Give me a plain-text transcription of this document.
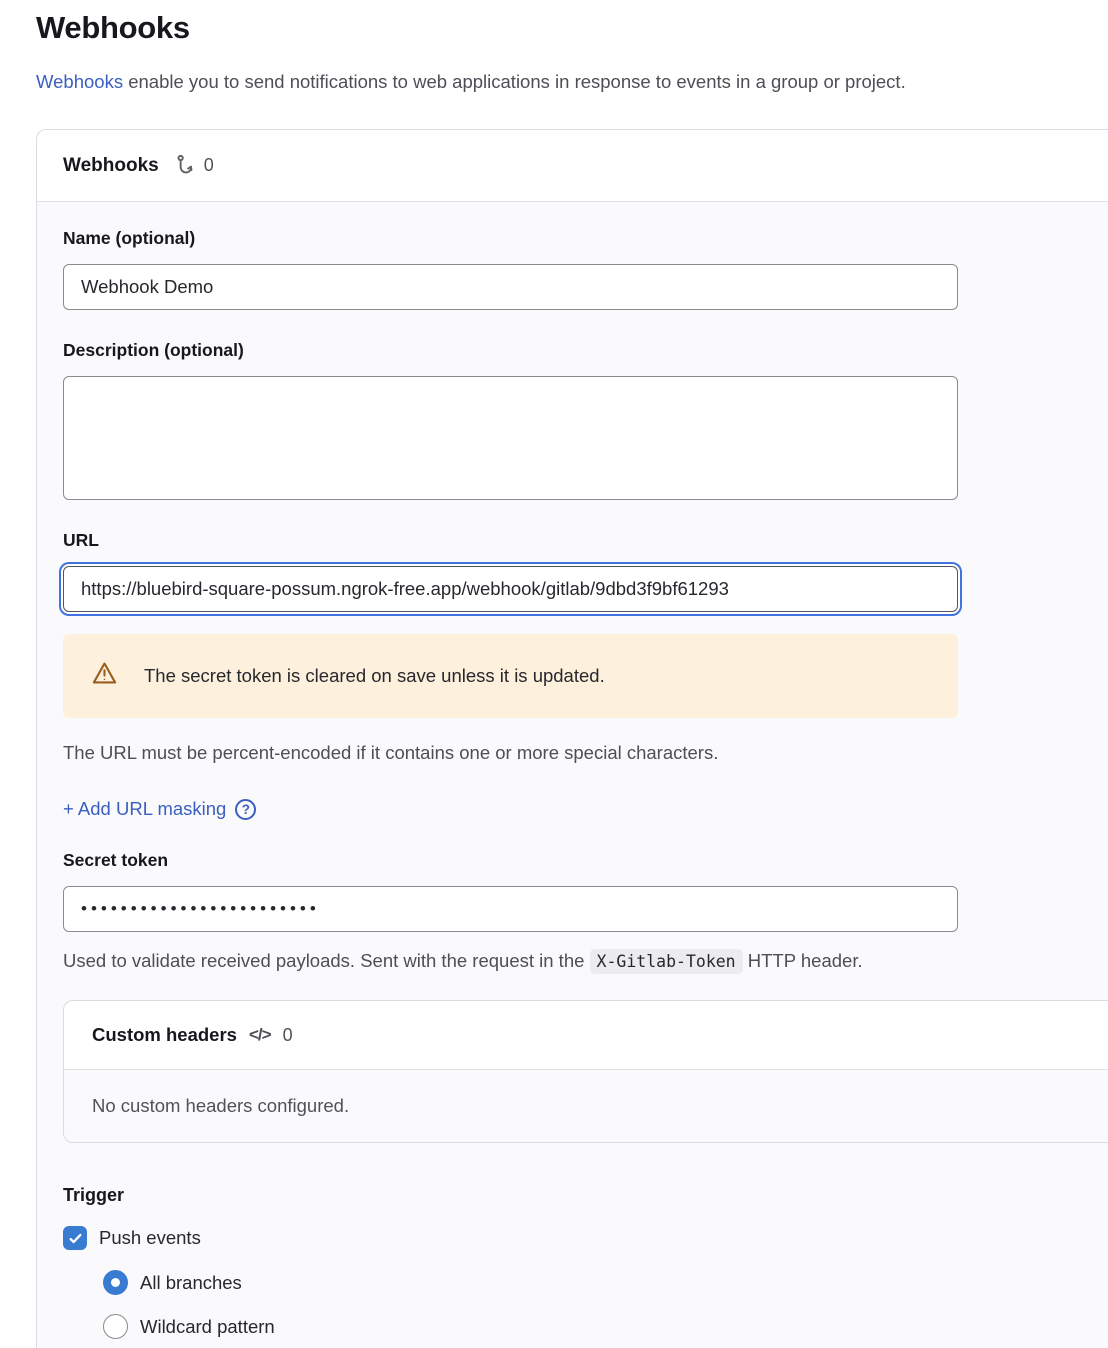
Webhooks

Webhooks enable you to send notifications to web applications in response to events in a group or project.

Webhooks	0
Name (optional)
Webhook Demo
Description (optional)
URL
https://bluebird-square-possum.ngrok-free.app/webhook/gitlab/9dbd3f9bf61293
The secret token is cleared on save unless it is updated.

The URL must be percent-encoded if it contains one or more special characters.

+ Add URL masking	?
Secret token
••••••••••••••••••••••••

Used to validate received payloads. Sent with the request in the X-Gitlab-Token HTTP header.

Custom headers </> 0
No custom headers configured.
Trigger
Push events
All branches
Wildcard pattern
